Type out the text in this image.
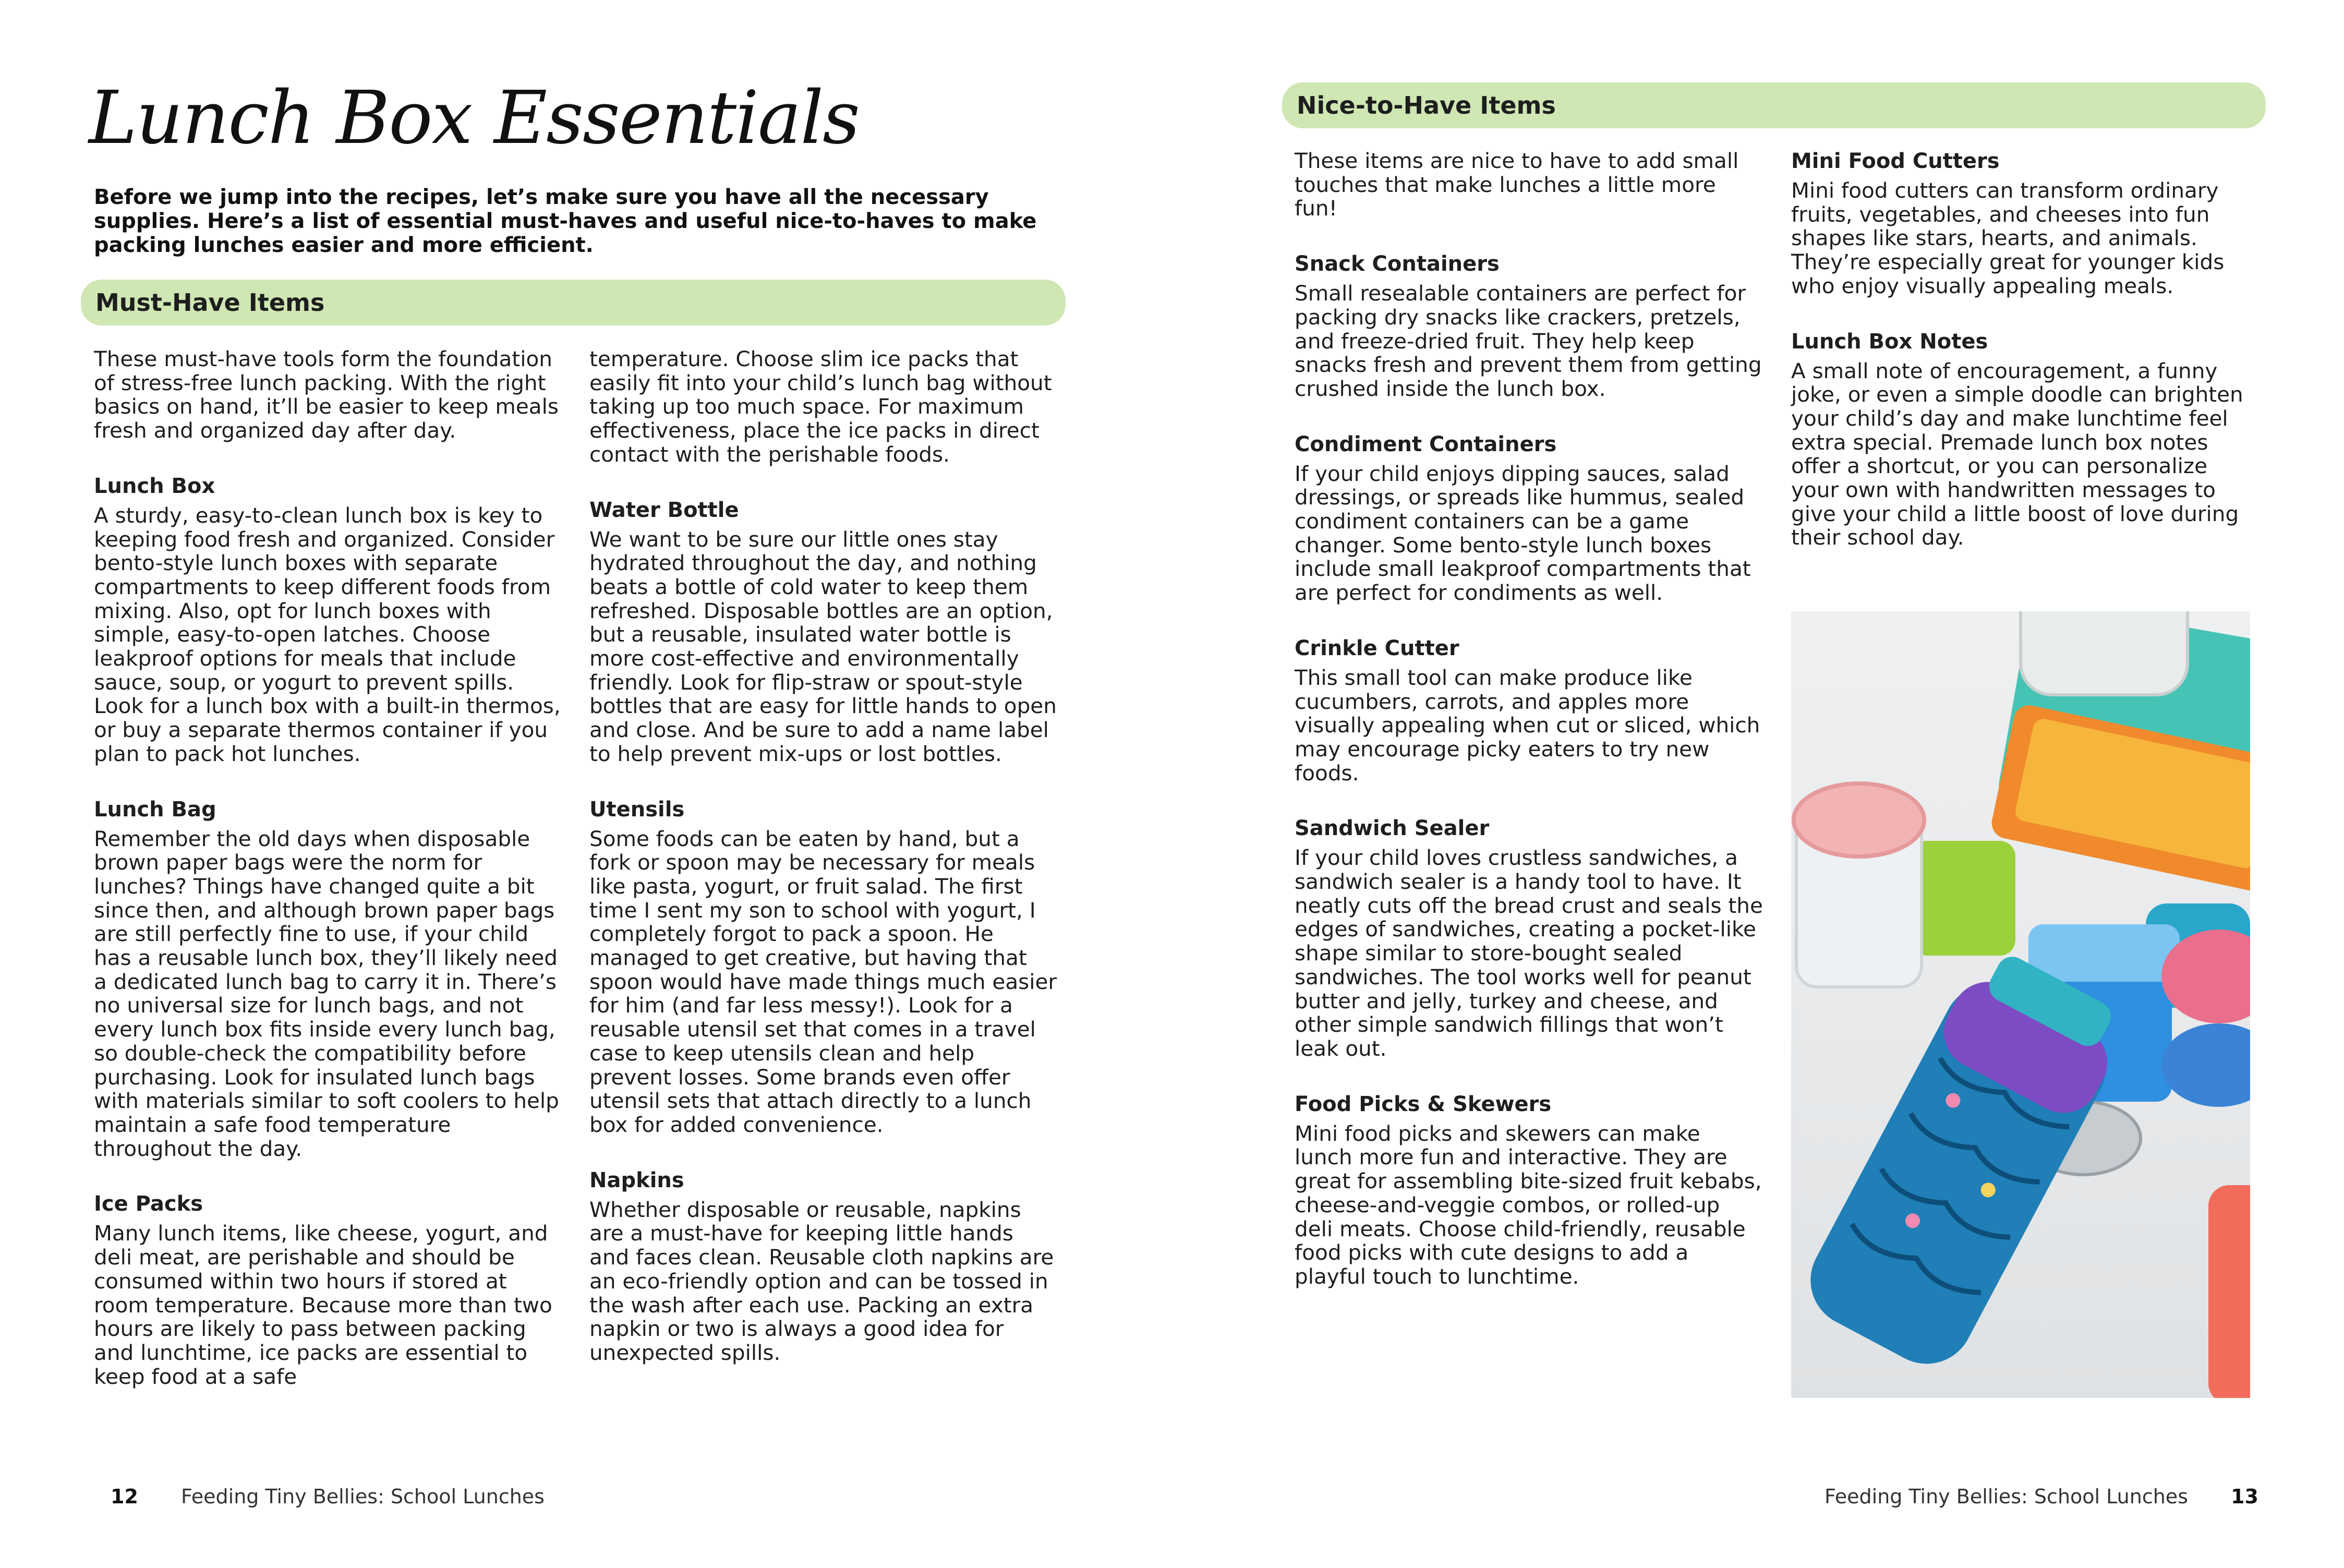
Lunch Box Essentials
Before we jump into the recipes, let’s make sure you have all the necessary supplies. Here’s a list of essential must-haves and useful nice-to-haves to make packing lunches easier and more efficient.
Must-Have Items

These must-have tools form the foundation of stress-free lunch packing. With the right basics on hand, it’ll be easier to keep meals fresh and organized day after day.

Lunch Box

A sturdy, easy-to-clean lunch box is key to keeping food fresh and organized. Consider bento-style lunch boxes with separate compartments to keep different foods from mixing. Also, opt for lunch boxes with simple, easy-to-open latches. Choose leakproof options for meals that include sauce, soup, or yogurt to prevent spills. Look for a lunch box with a built-in thermos, or buy a separate thermos container if you plan to pack hot lunches.

Lunch Bag

Remember the old days when disposable brown paper bags were the norm for lunches? Things have changed quite a bit since then, and although brown paper bags are still perfectly fine to use, if your child has a reusable lunch box, they’ll likely need a dedicated lunch bag to carry it in. There’s no universal size for lunch bags, and not every lunch box fits inside every lunch bag, so double-check the compatibility before purchasing. Look for insulated lunch bags with materials similar to soft coolers to help maintain a safe food temperature throughout the day.

Ice Packs

Many lunch items, like cheese, yogurt, and deli meat, are perishable and should be consumed within two hours if stored at room temperature. Because more than two hours are likely to pass between packing and lunchtime, ice packs are essential to keep food at a safe

temperature. Choose slim ice packs that easily fit into your child’s lunch bag without taking up too much space. For maximum effectiveness, place the ice packs in direct contact with the perishable foods.

Water Bottle

We want to be sure our little ones stay hydrated throughout the day, and nothing beats a bottle of cold water to keep them refreshed. Disposable bottles are an option, but a reusable, insulated water bottle is more cost-effective and environmentally friendly. Look for flip-straw or spout-style bottles that are easy for little hands to open and close. And be sure to add a name label to help prevent mix-ups or lost bottles.

Utensils

Some foods can be eaten by hand, but a fork or spoon may be necessary for meals like pasta, yogurt, or fruit salad. The first time I sent my son to school with yogurt, I completely forgot to pack a spoon. He managed to get creative, but having that spoon would have made things much easier for him (and far less messy!). Look for a reusable utensil set that comes in a travel case to keep utensils clean and help prevent losses. Some brands even offer utensil sets that attach directly to a lunch box for added convenience.

Napkins

Whether disposable or reusable, napkins are a must-have for keeping little hands and faces clean. Reusable cloth napkins are an eco-friendly option and can be tossed in the wash after each use. Packing an extra napkin or two is always a good idea for unexpected spills.

12 Feeding Tiny Bellies: School Lunches
Nice-to-Have Items

These items are nice to have to add small touches that make lunches a little more fun!

Snack Containers

Small resealable containers are perfect for packing dry snacks like crackers, pretzels, and freeze-dried fruit. They help keep snacks fresh and prevent them from getting crushed inside the lunch box.

Condiment Containers

If your child enjoys dipping sauces, salad dressings, or spreads like hummus, sealed condiment containers can be a game changer. Some bento-style lunch boxes include small leakproof compartments that are perfect for condiments as well.

Crinkle Cutter

This small tool can make produce like cucumbers, carrots, and apples more visually appealing when cut or sliced, which may encourage picky eaters to try new foods.

Sandwich Sealer

If your child loves crustless sandwiches, a sandwich sealer is a handy tool to have. It neatly cuts off the bread crust and seals the edges of sandwiches, creating a pocket-like shape similar to store-bought sealed sandwiches. The tool works well for peanut butter and jelly, turkey and cheese, and other simple sandwich fillings that won’t leak out.

Food Picks & Skewers

Mini food picks and skewers can make lunch more fun and interactive. They are great for assembling bite-sized fruit kebabs, cheese-and-veggie combos, or rolled-up deli meats. Choose child-friendly, reusable food picks with cute designs to add a playful touch to lunchtime.

Mini Food Cutters

Mini food cutters can transform ordinary fruits, vegetables, and cheeses into fun shapes like stars, hearts, and animals. They’re especially great for younger kids who enjoy visually appealing meals.

Lunch Box Notes

A small note of encouragement, a funny joke, or even a simple doodle can brighten your child’s day and make lunchtime feel extra special. Premade lunch box notes offer a shortcut, or you can personalize your own with handwritten messages to give your child a little boost of love during their school day.

Feeding Tiny Bellies: School Lunches 13
